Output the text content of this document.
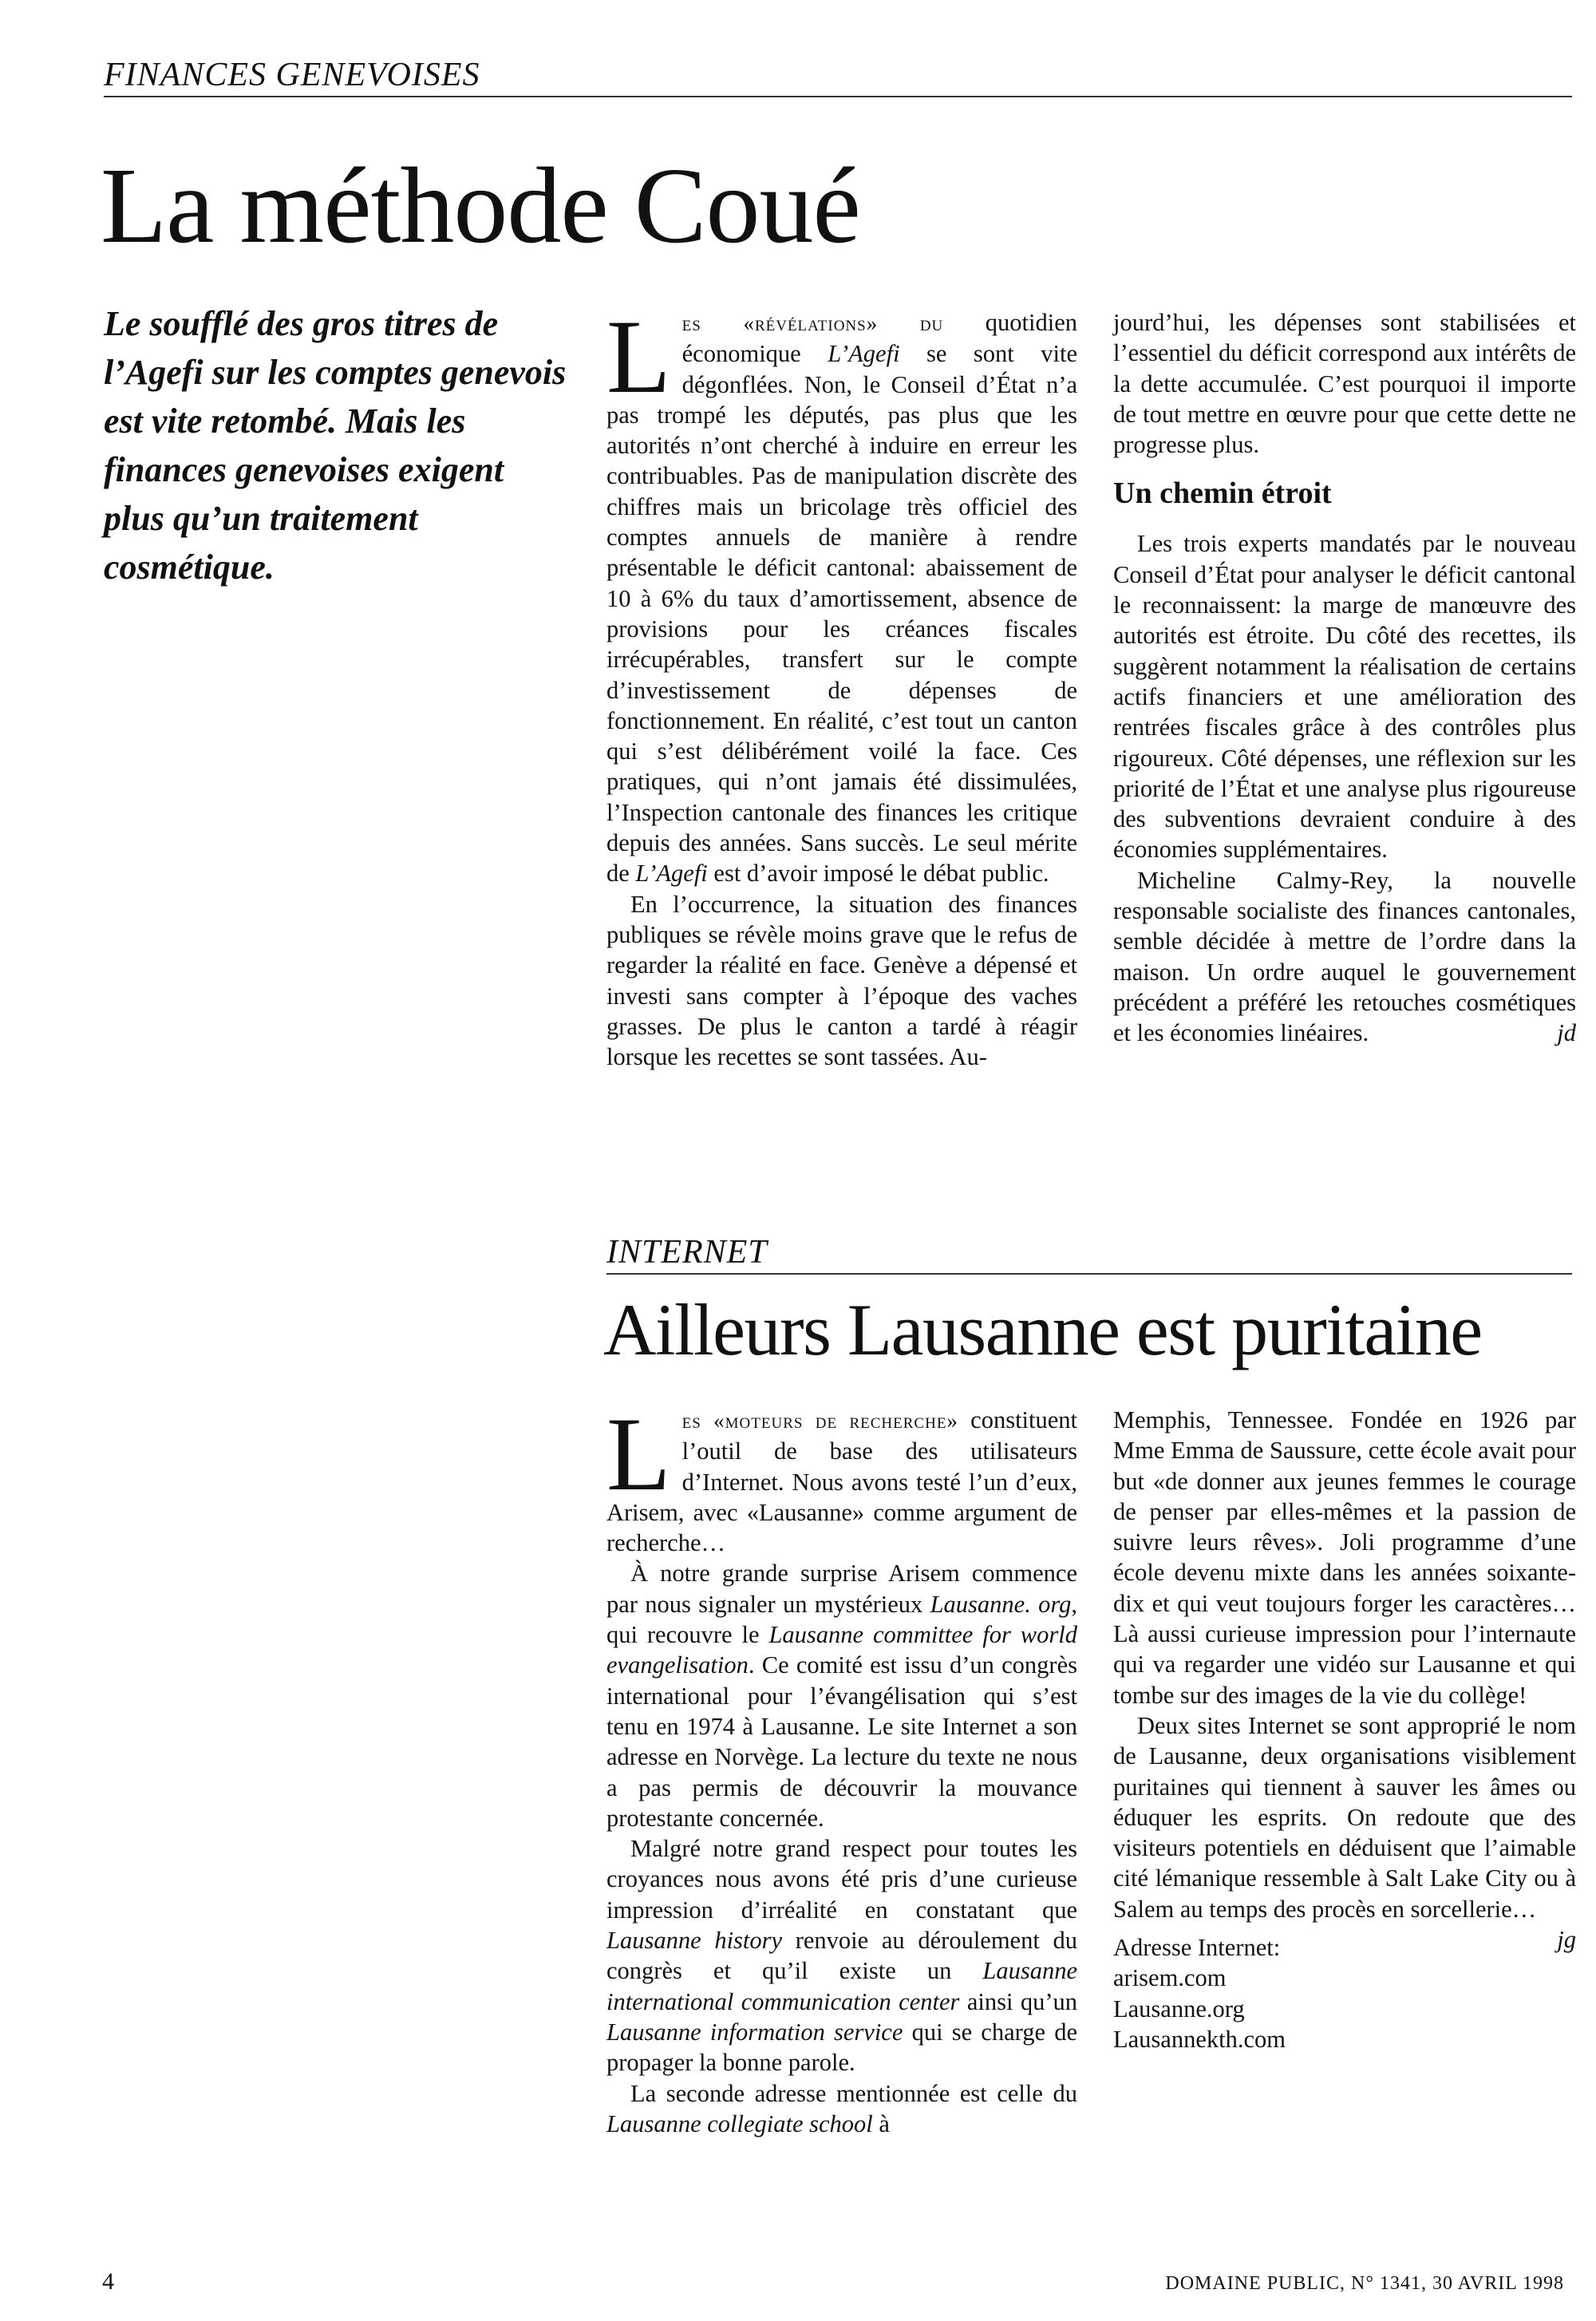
FINANCES GENEVOISES
La méthode Coué
Le soufflé des gros titres de l’Agefi sur les comptes genevois est vite retombé. Mais les finances genevoises exigent plus qu’un traitement cosmétique.

Les «révélations» du quotidien économique L’Agefi se sont vite dégonflées. Non, le Conseil d’État n’a pas trompé les députés, pas plus que les autorités n’ont cherché à induire en erreur les contribuables. Pas de manipulation discrète des chiffres mais un bricolage très officiel des comptes annuels de manière à rendre présentable le déficit cantonal: abaissement de 10 à 6% du taux d’amortissement, absence de provisions pour les créances fiscales irrécupérables, transfert sur le compte d’investissement de dépenses de fonctionnement. En réalité, c’est tout un canton qui s’est délibérément voilé la face. Ces pratiques, qui n’ont jamais été dissimulées, l’Inspection cantonale des finances les critique depuis des années. Sans succès. Le seul mérite de L’Agefi est d’avoir imposé le débat public.

En l’occurrence, la situation des finances publiques se révèle moins grave que le refus de regarder la réalité en face. Genève a dépensé et investi sans compter à l’époque des vaches grasses. De plus le canton a tardé à réagir lorsque les recettes se sont tassées. Au-

jourd’hui, les dépenses sont stabilisées et l’essentiel du déficit correspond aux intérêts de la dette accumulée. C’est pourquoi il importe de tout mettre en œuvre pour que cette dette ne progresse plus.

Un chemin étroit

Les trois experts mandatés par le nouveau Conseil d’État pour analyser le déficit cantonal le reconnaissent: la marge de manœuvre des autorités est étroite. Du côté des recettes, ils suggèrent notamment la réalisation de certains actifs financiers et une amélioration des rentrées fiscales grâce à des contrôles plus rigoureux. Côté dépenses, une réflexion sur les priorité de l’État et une analyse plus rigoureuse des subventions devraient conduire à des économies supplémentaires.

Micheline Calmy-Rey, la nouvelle responsable socialiste des finances cantonales, semble décidée à mettre de l’ordre dans la maison. Un ordre auquel le gouvernement précédent a préféré les retouches cosmétiques et les économies linéaires.	jd

INTERNET
Ailleurs Lausanne est puritaine

Les «moteurs de recherche» constituent l’outil de base des utilisateurs d’Internet. Nous avons testé l’un d’eux, Arisem, avec «Lausanne» comme argument de recherche…

À notre grande surprise Arisem commence par nous signaler un mystérieux Lausanne. org, qui recouvre le Lausanne committee for world evangelisation. Ce comité est issu d’un congrès international pour l’évangélisation qui s’est tenu en 1974 à Lausanne. Le site Internet a son adresse en Norvège. La lecture du texte ne nous a pas permis de découvrir la mouvance protestante concernée.

Malgré notre grand respect pour toutes les croyances nous avons été pris d’une curieuse impression d’irréalité en constatant que Lausanne history renvoie au déroulement du congrès et qu’il existe un Lausanne international communication center ainsi qu’un Lausanne information service qui se charge de propager la bonne parole.

La seconde adresse mentionnée est celle du Lausanne collegiate school à

Memphis, Tennessee. Fondée en 1926 par Mme Emma de Saussure, cette école avait pour but «de donner aux jeunes femmes le courage de penser par elles-mêmes et la passion de suivre leurs rêves». Joli programme d’une école devenu mixte dans les années soixante-dix et qui veut toujours forger les caractères… Là aussi curieuse impression pour l’internaute qui va regarder une vidéo sur Lausanne et qui tombe sur des images de la vie du collège!

Deux sites Internet se sont approprié le nom de Lausanne, deux organisations visiblement puritaines qui tiennent à sauver les âmes ou éduquer les esprits. On redoute que des visiteurs potentiels en déduisent que l’aimable cité lémanique ressemble à Salt Lake City ou à Salem au temps des procès en sorcellerie…
jg

Adresse Internet:
arisem.com
Lausanne.org
Lausannekth.com
4	DOMAINE PUBLIC, N° 1341, 30 AVRIL 1998
